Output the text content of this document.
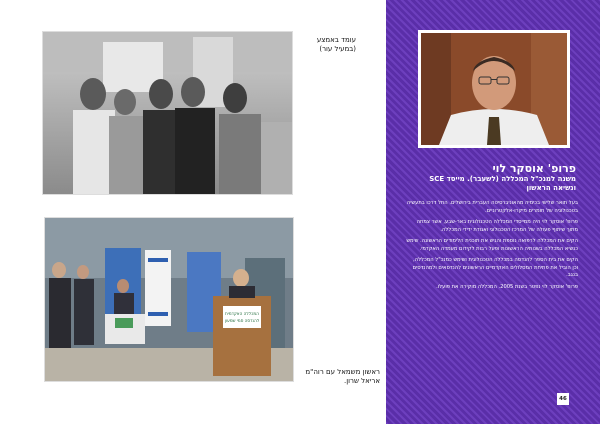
עומד באמצע
(במעיל עור)
המכללה האקדמית
להנדסה סמי שמעון
ראשון משמאל עם רוה"מ
אריאל שרון.
פרופ' אוסקר לוי
משנה למנכ"ל המכללה (לשעבר). מייסד SCE
ונשיאה הראשון

בעל תואר שלישי בכימיה מהאוניברסיטה העברית בירושלים. החל דרכו בתעשיה בטכנולוגיה של חומרים מיקרו-אלקטרוניים.

פרופ' אוסקר לוי היה ממייסדי המכללה הטכנולוגית באר-שבע, אשר צמחה מתוך שיתוף פעולה של המרכז הטכנולוגי ואגודת ידידי המכללה.

הקים את המכללה לרפואה נוספת והגיש את תוכנית הלימודים הראשונה. שימש כנשיא המכללה בשנותיה הראשונות ופעל רבות לקידום מעמדה האקדמי.

הקים את בית הספר להנדסה במכללה הטכנולוגית ושימש כמנכ"ל המכללה, וכן הוביל את פתיחת המסלולים האקדמיים הראשונים להנדסאים ולמהנדסים בנגב.

פרופ' אוסקר לוי נפטר בשנת 2005. המכללה מוקירה את פועלו.

46
